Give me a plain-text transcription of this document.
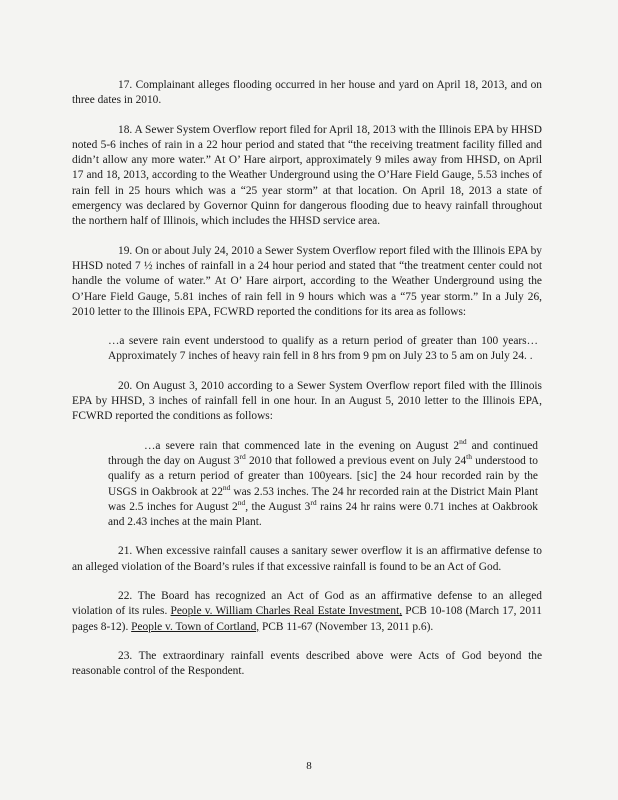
17. Complainant alleges flooding occurred in her house and yard on April 18, 2013, and on three dates in 2010.

18. A Sewer System Overflow report filed for April 18, 2013 with the Illinois EPA by HHSD noted 5-6 inches of rain in a 22 hour period and stated that “the receiving treatment facility filled and didn’t allow any more water.” At O’ Hare airport, approximately 9 miles away from HHSD, on April 17 and 18, 2013, according to the Weather Underground using the O’Hare Field Gauge, 5.53 inches of rain fell in 25 hours which was a “25 year storm” at that location. On April 18, 2013 a state of emergency was declared by Governor Quinn for dangerous flooding due to heavy rainfall throughout the northern half of Illinois, which includes the HHSD service area.

19. On or about July 24, 2010 a Sewer System Overflow report filed with the Illinois EPA by HHSD noted 7 ½ inches of rainfall in a 24 hour period and stated that “the treatment center could not handle the volume of water.” At O’ Hare airport, according to the Weather Underground using the O’Hare Field Gauge, 5.81 inches of rain fell in 9 hours which was a “75 year storm.” In a July 26, 2010 letter to the Illinois EPA, FCWRD reported the conditions for its area as follows:

…a severe rain event understood to qualify as a return period of greater than 100 years…Approximately 7 inches of heavy rain fell in 8 hrs from 9 pm on July 23 to 5 am on July 24. .

20. On August 3, 2010 according to a Sewer System Overflow report filed with the Illinois EPA by HHSD, 3 inches of rainfall fell in one hour. In an August 5, 2010 letter to the Illinois EPA, FCWRD reported the conditions as follows:

…a severe rain that commenced late in the evening on August 2nd and continued through the day on August 3rd 2010 that followed a previous event on July 24th understood to qualify as a return period of greater than 100years. [sic] the 24 hour recorded rain by the USGS in Oakbrook at 22nd was 2.53 inches. The 24 hr recorded rain at the District Main Plant was 2.5 inches for August 2nd, the August 3rd rains 24 hr rains were 0.71 inches at Oakbrook and 2.43 inches at the main Plant.

21. When excessive rainfall causes a sanitary sewer overflow it is an affirmative defense to an alleged violation of the Board’s rules if that excessive rainfall is found to be an Act of God.

22. The Board has recognized an Act of God as an affirmative defense to an alleged violation of its rules. People v. William Charles Real Estate Investment, PCB 10-108 (March 17, 2011 pages 8-12). People v. Town of Cortland, PCB 11-67 (November 13, 2011 p.6).

23. The extraordinary rainfall events described above were Acts of God beyond the reasonable control of the Respondent.

8
